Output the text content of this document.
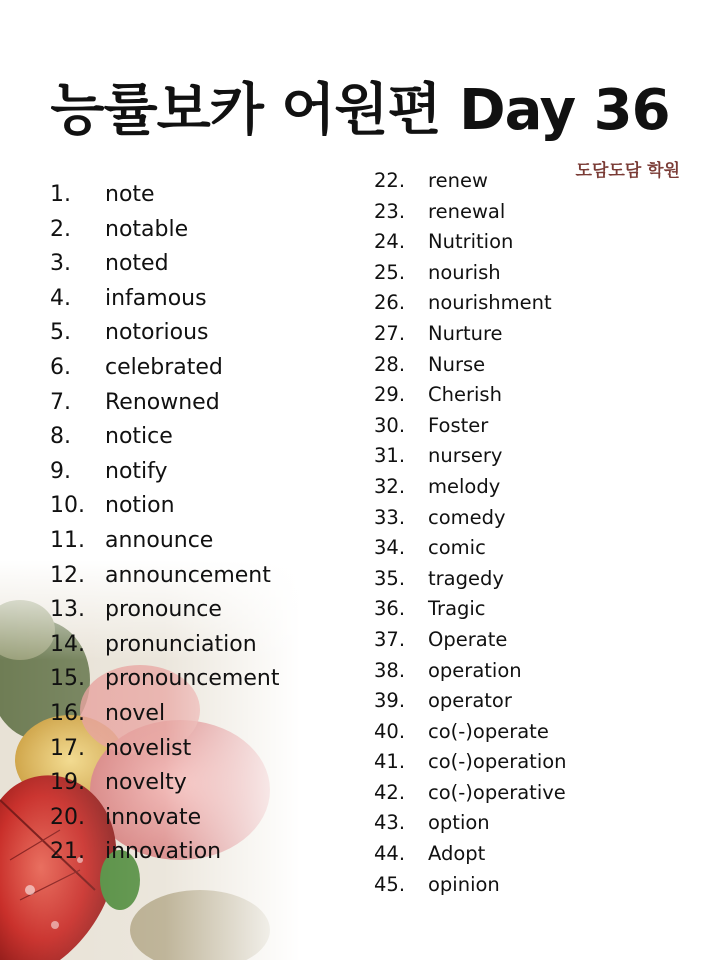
능률보카 어원편 Day 36
도담도담 학원
1.	note
2.	notable
3.	noted
4.	infamous
5.	notorious
6.	celebrated
7.	Renowned
8.	notice
9.	notify
10. notion
11. announce
12. announcement
13. pronounce
14. pronunciation
15. pronouncement
16. novel
17. novelist
19. novelty
20. innovate
21. innovation
22.	renew
23.	renewal
24.	Nutrition
25.	nourish
26.	nourishment
27.	Nurture
28.	Nurse
29.	Cherish
30.	Foster
31.	nursery
32.	melody
33.	comedy
34.	comic
35.	tragedy
36.	Tragic
37.	Operate
38.	operation
39.	operator
40.	co(-)operate
41.	co(-)operation
42.	co(-)operative
43.	option
44.	Adopt
45.	opinion
